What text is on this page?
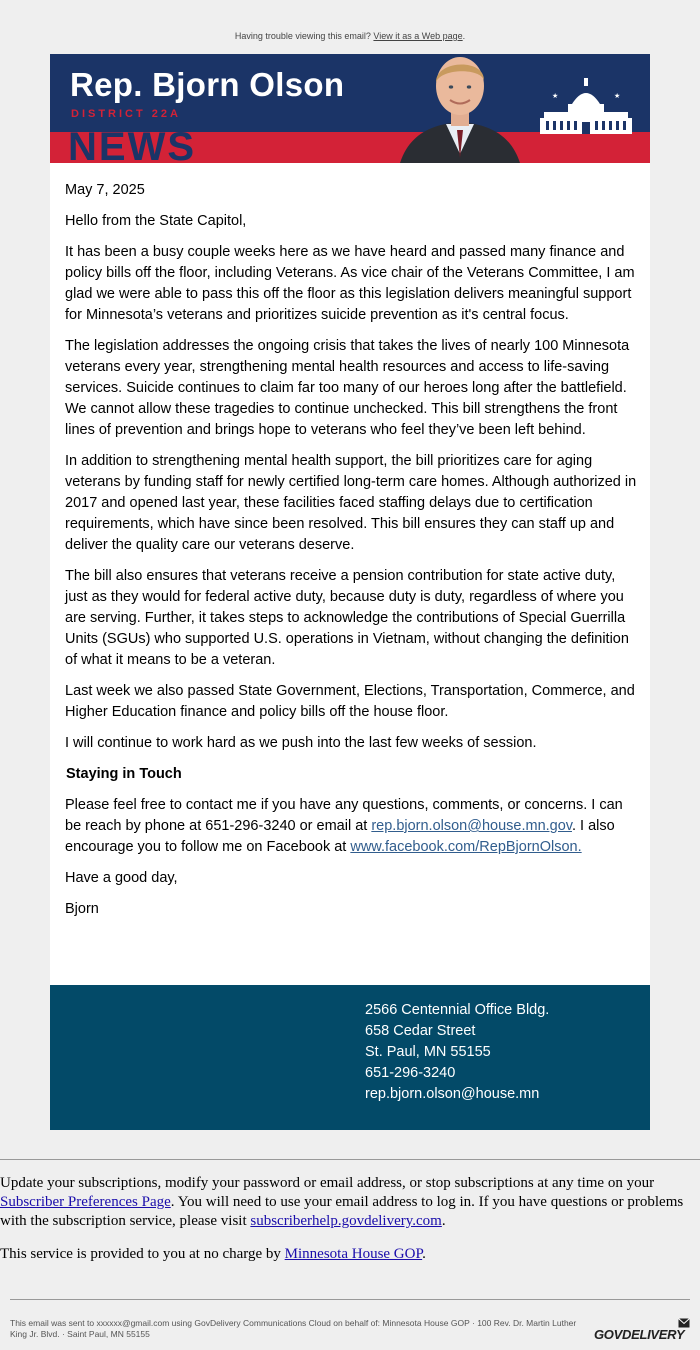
Having trouble viewing this email? View it as a Web page.
Rep. Bjorn Olson
DISTRICT 22A
NEWS
★	★

May 7, 2025

Hello from the State Capitol,

It has been a busy couple weeks here as we have heard and passed many finance and policy bills off the floor, including Veterans. As vice chair of the Veterans Committee, I am glad we were able to pass this off the floor as this legislation delivers meaningful support for Minnesota’s veterans and prioritizes suicide prevention as it's central focus.

The legislation addresses the ongoing crisis that takes the lives of nearly 100 Minnesota veterans every year, strengthening mental health resources and access to life-saving services. Suicide continues to claim far too many of our heroes long after the battlefield. We cannot allow these tragedies to continue unchecked. This bill strengthens the front lines of prevention and brings hope to veterans who feel they’ve been left behind.

In addition to strengthening mental health support, the bill prioritizes care for aging veterans by funding staff for newly certified long-term care homes. Although authorized in 2017 and opened last year, these facilities faced staffing delays due to certification requirements, which have since been resolved. This bill ensures they can staff up and deliver the quality care our veterans deserve.

The bill also ensures that veterans receive a pension contribution for state active duty, just as they would for federal active duty, because duty is duty, regardless of where you are serving. Further, it takes steps to acknowledge the contributions of Special Guerrilla Units (SGUs) who supported U.S. operations in Vietnam, without changing the definition of what it means to be a veteran.

Last week we also passed State Government, Elections, Transportation, Commerce, and Higher Education finance and policy bills off the house floor.

I will continue to work hard as we push into the last few weeks of session.

Staying in Touch

Please feel free to contact me if you have any questions, comments, or concerns. I can be reach by phone at 651-296-3240 or email at rep.bjorn.olson@house.mn.gov. I also encourage you to follow me on Facebook at www.facebook.com/RepBjornOlson.

Have a good day,

Bjorn

2566 Centennial Office Bldg.
658 Cedar Street
St. Paul, MN 55155
651-296-3240
rep.bjorn.olson@house.mn

Update your subscriptions, modify your password or email address, or stop subscriptions at any time on your Subscriber Preferences Page. You will need to use your email address to log in. If you have questions or problems with the subscription service, please visit subscriberhelp.govdelivery.com.

This service is provided to you at no charge by Minnesota House GOP.

This email was sent to xxxxxx@gmail.com using GovDelivery Communications Cloud on behalf of: Minnesota House GOP · 100 Rev. Dr. Martin Luther King Jr. Blvd. · Saint Paul, MN 55155	GOVDELIVERY
